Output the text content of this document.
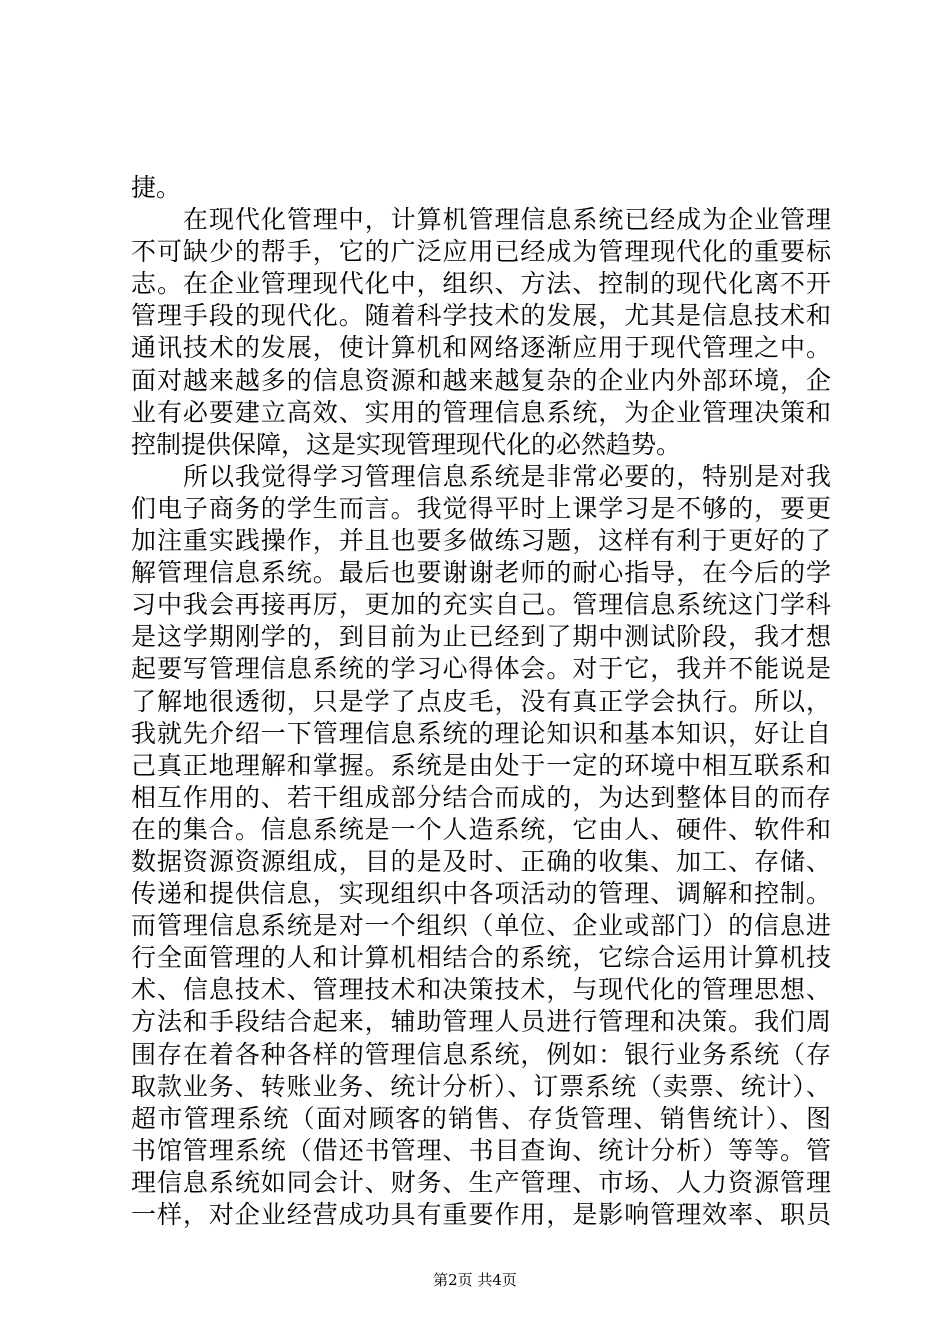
捷。
在现代化管理中，计算机管理信息系统已经成为企业管理
不可缺少的帮手，它的广泛应用已经成为管理现代化的重要标
志。在企业管理现代化中，组织、方法、控制的现代化离不开
管理手段的现代化。随着科学技术的发展，尤其是信息技术和
通讯技术的发展，使计算机和网络逐渐应用于现代管理之中。
面对越来越多的信息资源和越来越复杂的企业内外部环境，企
业有必要建立高效、实用的管理信息系统，为企业管理决策和
控制提供保障，这是实现管理现代化的必然趋势。
所以我觉得学习管理信息系统是非常必要的，特别是对我
们电子商务的学生而言。我觉得平时上课学习是不够的，要更
加注重实践操作，并且也要多做练习题，这样有利于更好的了
解管理信息系统。最后也要谢谢老师的耐心指导，在今后的学
习中我会再接再厉，更加的充实自己。管理信息系统这门学科
是这学期刚学的，到目前为止已经到了期中测试阶段，我才想
起要写管理信息系统的学习心得体会。对于它，我并不能说是
了解地很透彻，只是学了点皮毛，没有真正学会执行。所以，
我就先介绍一下管理信息系统的理论知识和基本知识，好让自
己真正地理解和掌握。系统是由处于一定的环境中相互联系和
相互作用的、若干组成部分结合而成的，为达到整体目的而存
在的集合。信息系统是一个人造系统，它由人、硬件、软件和
数据资源资源组成，目的是及时、正确的收集、加工、存储、
传递和提供信息，实现组织中各项活动的管理、调解和控制。
而管理信息系统是对一个组织（单位、企业或部门）的信息进
行全面管理的人和计算机相结合的系统，它综合运用计算机技
术、信息技术、管理技术和决策技术，与现代化的管理思想、
方法和手段结合起来，辅助管理人员进行管理和决策。我们周
围存在着各种各样的管理信息系统，例如：银行业务系统（存
取款业务、转账业务、统计分析）、订票系统（卖票、统计）、
超市管理系统（面对顾客的销售、存货管理、销售统计）、图
书馆管理系统（借还书管理、书目查询、统计分析）等等。管
理信息系统如同会计、财务、生产管理、市场、人力资源管理
一样，对企业经营成功具有重要作用，是影响管理效率、职员
第2页 共4页
